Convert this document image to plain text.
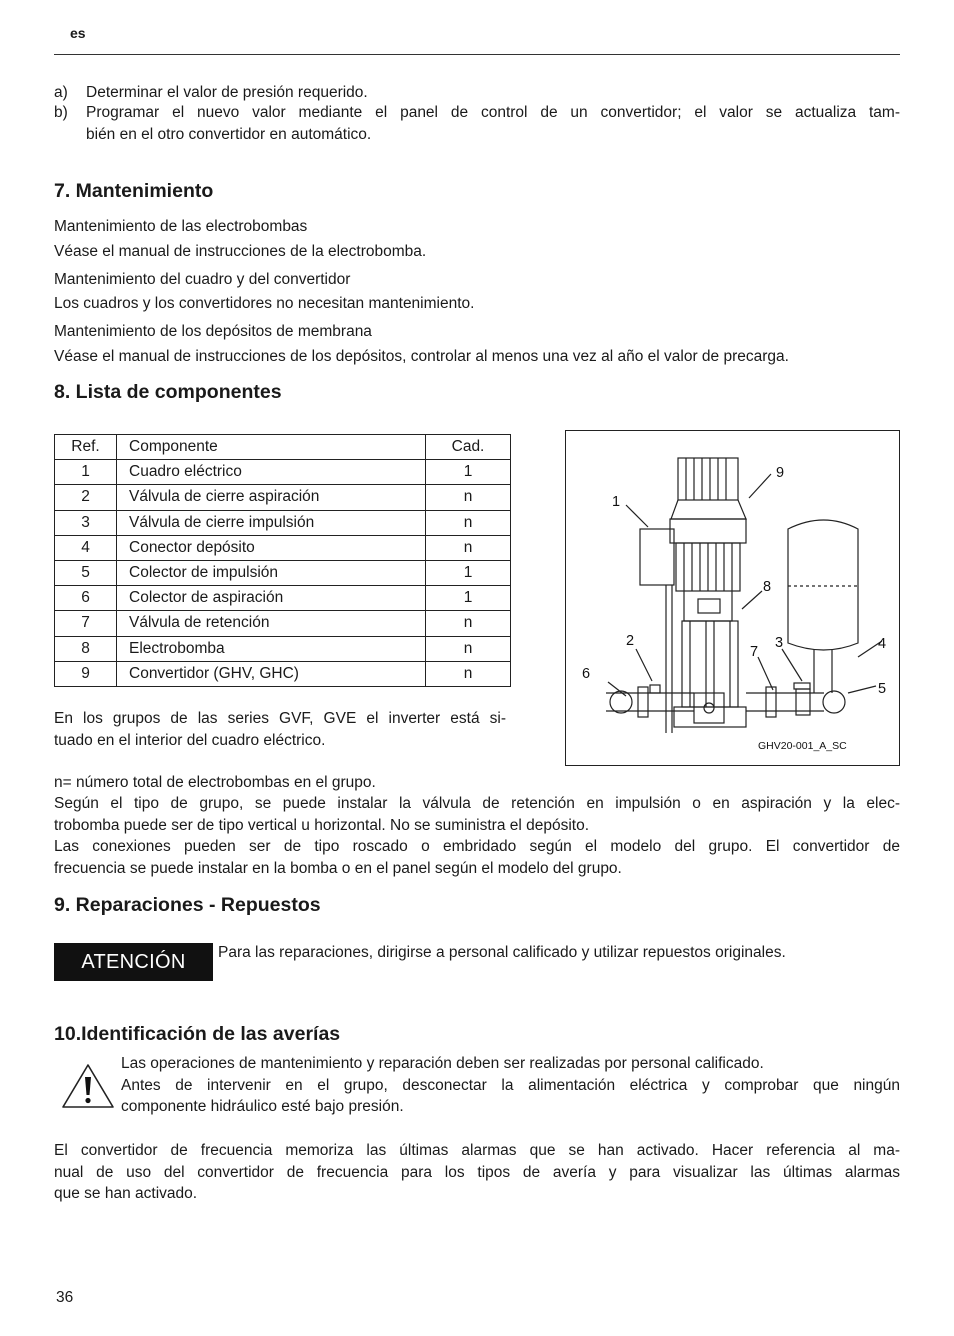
es
a) Determinar el valor de presión requerido.
b) Programar el nuevo valor mediante el panel de control de un convertidor; el valor se actualiza tam-
bién en el otro convertidor en automático.
7. Mantenimiento
Mantenimiento de las electrobombas
Véase el manual de instrucciones de la electrobomba.
Mantenimiento del cuadro y del convertidor
Los cuadros y los convertidores no necesitan mantenimiento.
Mantenimiento de los depósitos de membrana
Véase el manual de instrucciones de los depósitos, controlar al menos una vez al año el valor de precarga.
8. Lista de componentes
Ref.	Componente	Cad.
1	Cuadro eléctrico	1
2	Válvula de cierre aspiración	n
3	Válvula de cierre impulsión	n
4	Conector depósito	n
5	Colector de impulsión	1
6	Colector de aspiración	1
7	Válvula de retención	n
8	Electrobomba	n
9	Convertidor (GHV, GHC)	n
En los grupos de las series GVF, GVE el inverter está si-
tuado en el interior del cuadro eléctrico.
1
2	3	4
5
6
7
8
9
GHV20-001_A_SC
n= número total de electrobombas en el grupo.
Según el tipo de grupo, se puede instalar la válvula de retención en impulsión o en aspiración y la elec-
trobomba puede ser de tipo vertical u horizontal. No se suministra el depósito.
Las conexiones pueden ser de tipo roscado o embridado según el modelo del grupo. El convertidor de
frecuencia se puede instalar en la bomba o en el panel según el modelo del grupo.
9. Reparaciones - Repuestos
ATENCIÓN	Para las reparaciones, dirigirse a personal calificado y utilizar repuestos originales.
10.Identificación de las averías
Las operaciones de mantenimiento y reparación deben ser realizadas por personal calificado.
Antes de intervenir en el grupo, desconectar la alimentación eléctrica y comprobar que ningún
componente hidráulico esté bajo presión.
El convertidor de frecuencia memoriza las últimas alarmas que se han activado. Hacer referencia al ma-
nual de uso del convertidor de frecuencia para los tipos de avería y para visualizar las últimas alarmas
que se han activado.
36
